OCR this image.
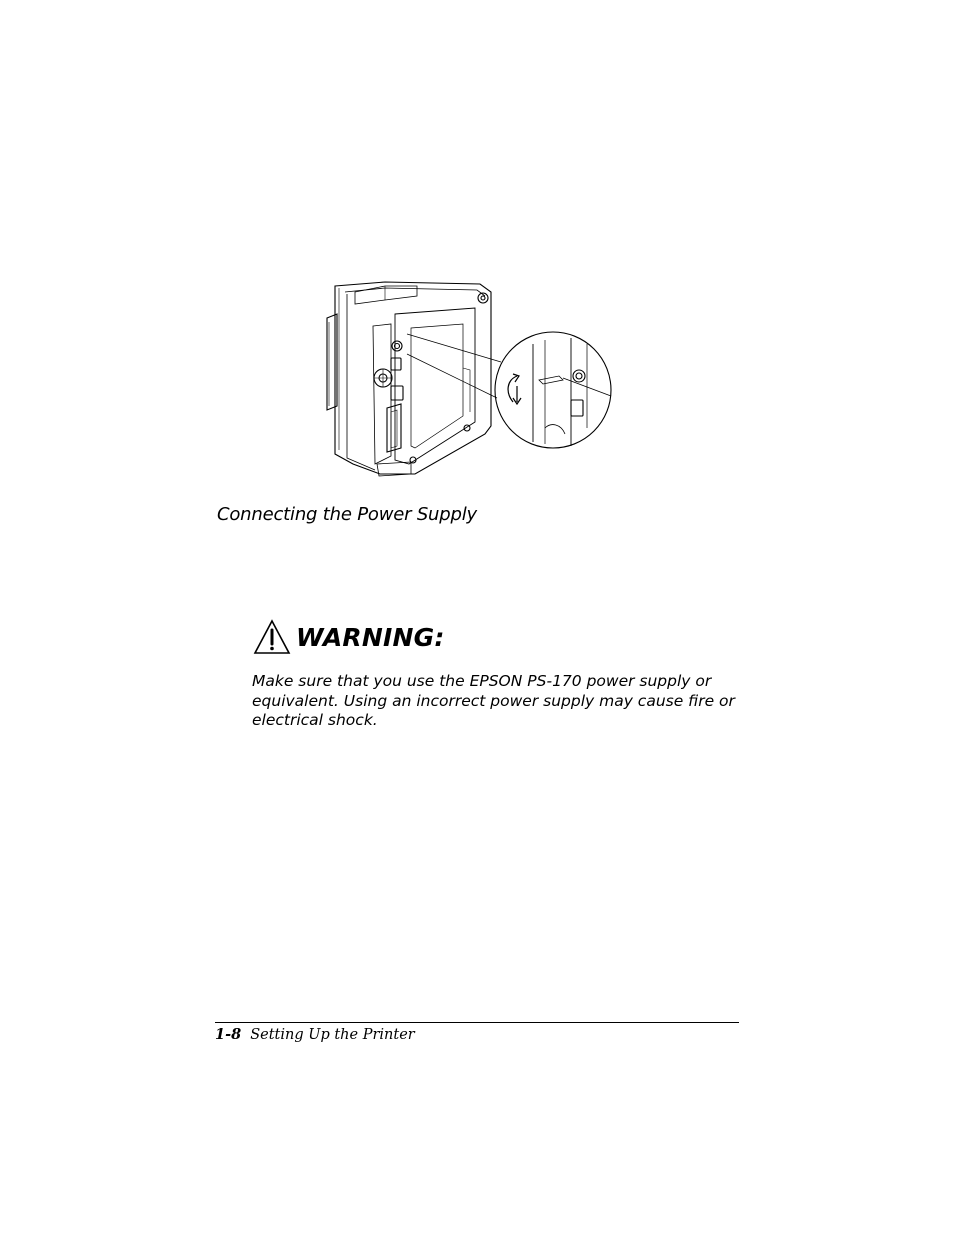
Connecting the Power Supply
WARNING:

Make sure that you use the EPSON PS-170 power supply or equivalent. Using an incorrect power supply may cause fire or electrical shock.

1-8 Setting Up the Printer
